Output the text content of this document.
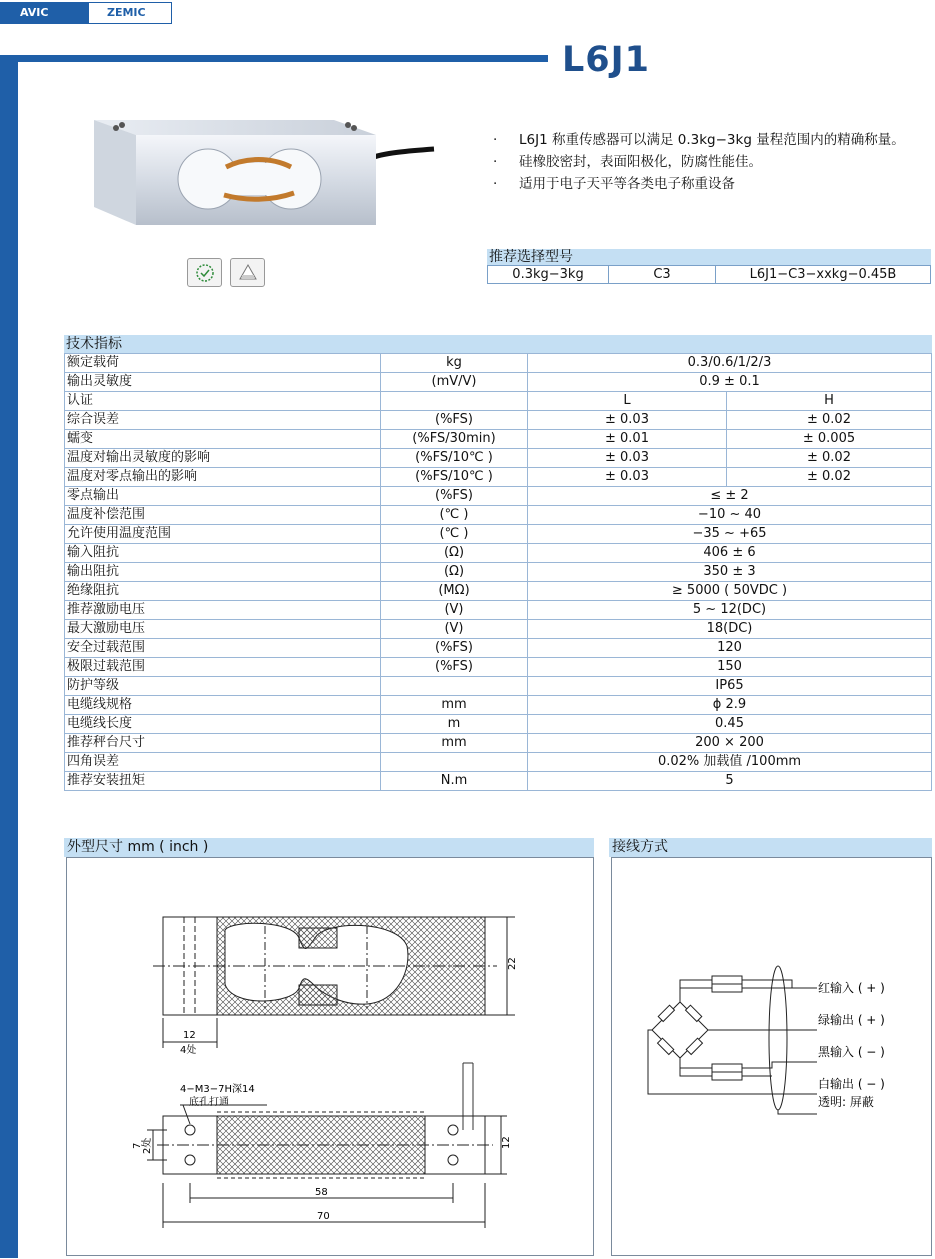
AVIC	ZEMIC
L6J1
·	L6J1 称重传感器可以满足 0.3kg−3kg 量程范围内的精确称量。
·	硅橡胶密封，表面阳极化，防腐性能佳。
·	适用于电子天平等各类电子称重设备
推荐选择型号
0.3kg−3kg	C3	L6J1−C3−xxkg−0.45B
技术指标
额定载荷	kg	0.3/0.6/1/2/3	
输出灵敏度	(mV/V)	0.9 ± 0.1	
认证		L	H
综合误差	(%FS)	± 0.03	± 0.02
蠕变	(%FS/30min)	± 0.01	± 0.005
温度对输出灵敏度的影响	(%FS/10℃ )	± 0.03	± 0.02
温度对零点输出的影响	(%FS/10℃ )	± 0.03	± 0.02
零点输出	(%FS)	≤ ± 2	
温度补偿范围	(℃ )	−10 ~ 40	
允许使用温度范围	(℃ )	−35 ~ +65	
输入阻抗	(Ω)	406 ± 6	
输出阻抗	(Ω)	350 ± 3	
绝缘阻抗	(MΩ)	≥ 5000 ( 50VDC )	
推荐激励电压	(V)	5 ~ 12(DC)	
最大激励电压	(V)	18(DC)	
安全过载范围	(%FS)	120	
极限过载范围	(%FS)	150	
防护等级		IP65	
电缆线规格	mm	ϕ 2.9	
电缆线长度	m	0.45	
推荐秤台尺寸	mm	200 × 200	
四角误差		0.02% 加载值 /100mm	
推荐安装扭矩	N.m	5	
外型尺寸 mm ( inch )
22
12
4处
4−M3−7H深14
底孔打通
7 2处	12
58
70
接线方式
红输入 ( + )
绿输出 ( + )
黑输入 ( − )
白输出 ( − )
透明: 屏蔽
